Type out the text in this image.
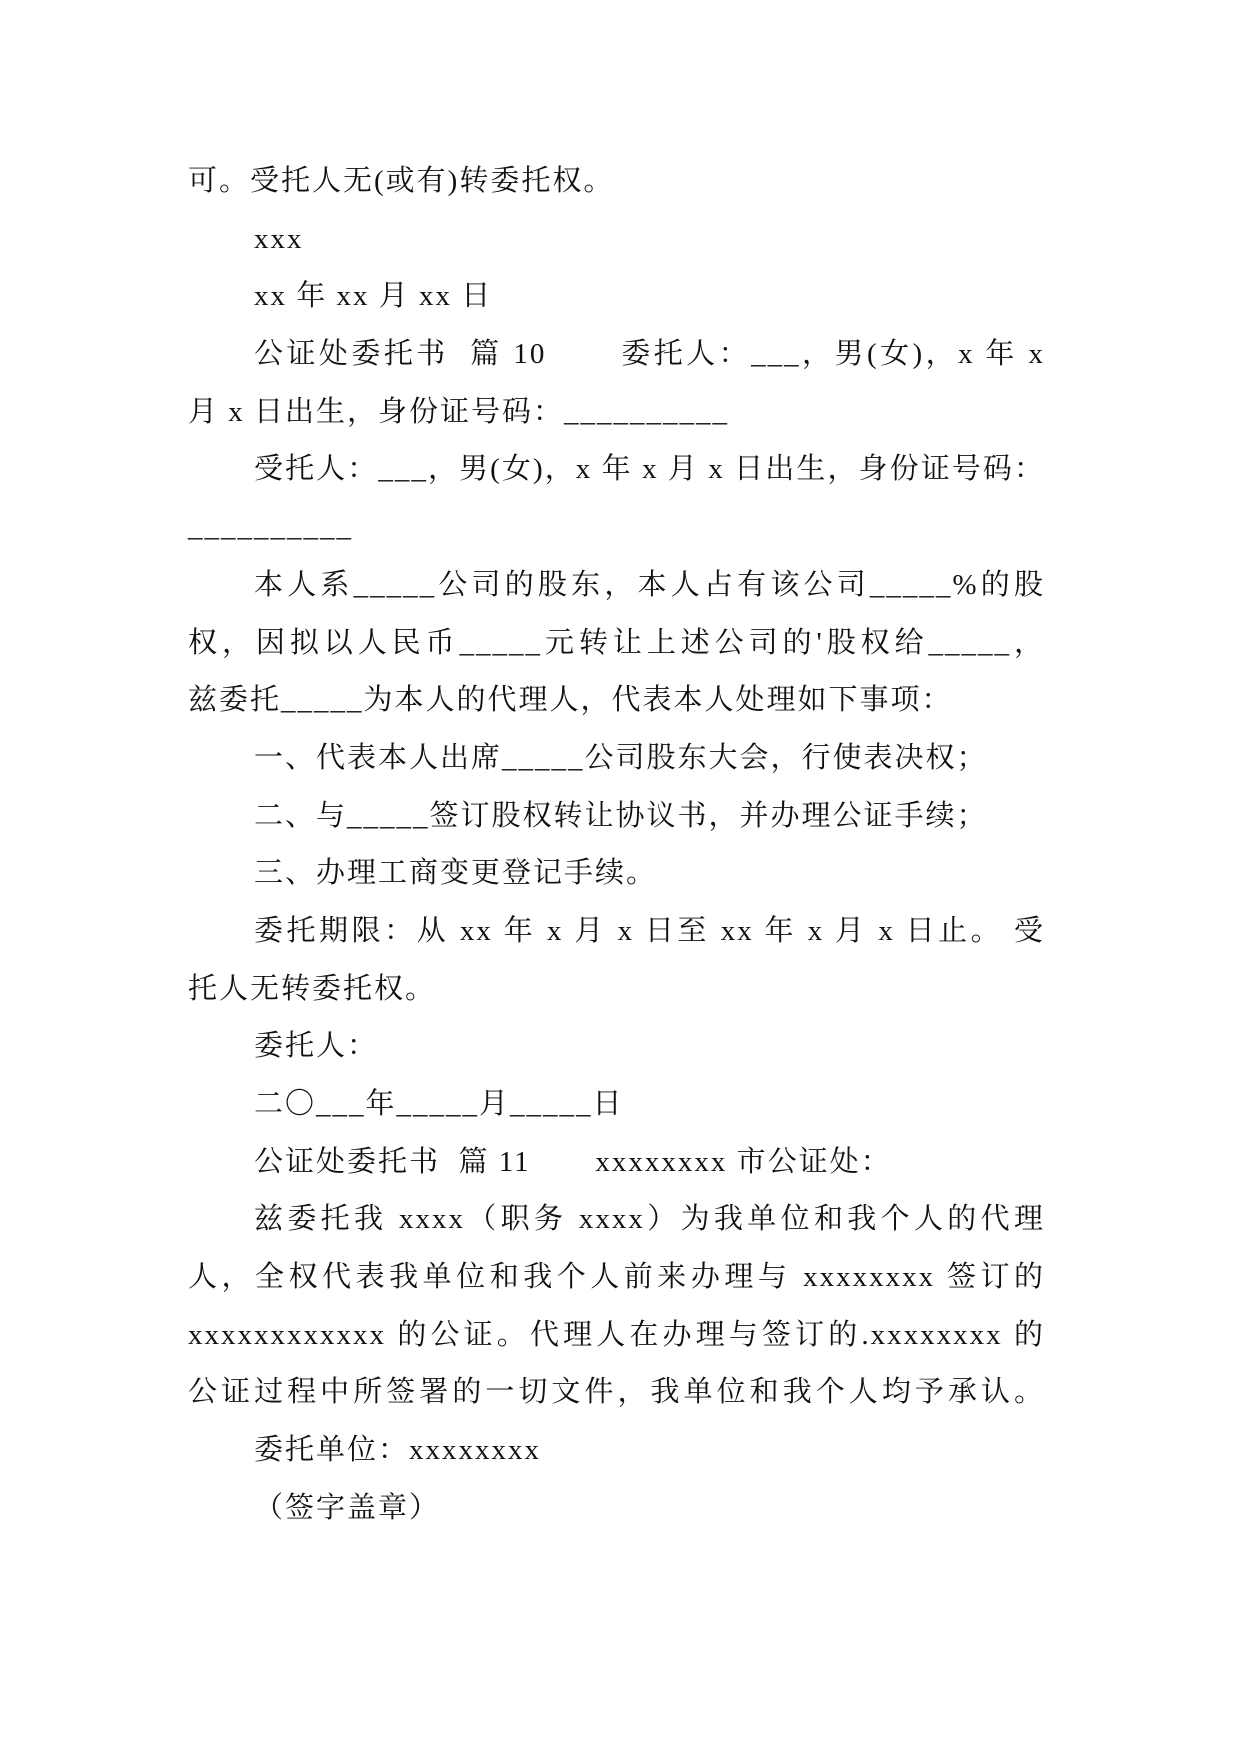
可。受托人无(或有)转委托权。
xxx
xx 年 xx 月 xx 日
公证处委托书  篇 10       委托人：___，男(女)，x 年 x
月 x 日出生，身份证号码：__________
受托人：___，男(女)，x 年 x 月 x 日出生，身份证号码：
__________
本人系_____公司的股东，本人占有该公司_____%的股
权，因拟以人民币_____元转让上述公司的'股权给_____，
兹委托_____为本人的代理人，代表本人处理如下事项：
一、代表本人出席_____公司股东大会，行使表决权；
二、与_____签订股权转让协议书，并办理公证手续；
三、办理工商变更登记手续。
委托期限：从 xx 年 x 月 x 日至 xx 年 x 月 x 日止。 受
托人无转委托权。
委托人：
二〇___年_____月_____日
公证处委托书  篇 11       xxxxxxxx 市公证处：
兹委托我 xxxx（职务 xxxx）为我单位和我个人的代理
人，全权代表我单位和我个人前来办理与 xxxxxxxx 签订的
xxxxxxxxxxxx 的公证。代理人在办理与签订的.xxxxxxxx 的
公证过程中所签署的一切文件，我单位和我个人均予承认。
委托单位：xxxxxxxx
（签字盖章）
